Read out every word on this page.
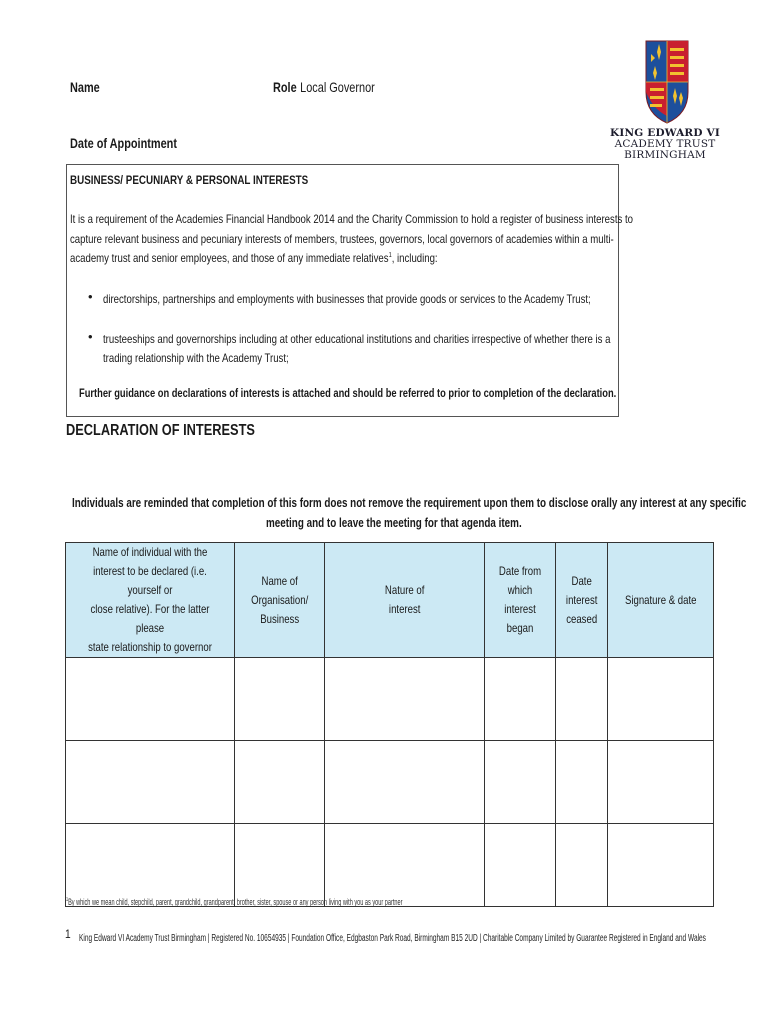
Name	Role Local Governor
Date of Appointment
KING EDWARD VI
ACADEMY TRUST
BIRMINGHAM
BUSINESS/ PECUNIARY & PERSONAL INTERESTS
It is a requirement of the Academies Financial Handbook 2014 and the Charity Commission to hold a register of business interests to
capture relevant business and pecuniary interests of members, trustees, governors, local governors of academies within a multi-
academy trust and senior employees, and those of any immediate relatives$^1$, including:
• directorships, partnerships and employments with businesses that provide goods or services to the Academy Trust;
• trusteeships and governorships including at other educational institutions and charities irrespective of whether there is a
trading relationship with the Academy Trust;
Further guidance on declarations of interests is attached and should be referred to prior to completion of the declaration.
DECLARATION OF INTERESTS
Individuals are reminded that completion of this form does not remove the requirement upon them to disclose orally any interest at any specific
meeting and to leave the meeting for that agenda item.
Name of individual with the
interest to be declared (i.e. yourself or
close relative). For the latter please
state relationship to governor	Name of
Organisation/
Business	Nature of
interest	Date from
which
interest began	Date
interest
ceased	Signature & date

$^1$By which we mean child, stepchild, parent, grandchild, grandparent, brother, sister, spouse or any person living with you as your partner
1 King Edward VI Academy Trust Birmingham | Registered No. 10654935 | Foundation Office, Edgbaston Park Road, Birmingham B15 2UD | Charitable Company Limited by Guarantee Registered in England and Wales
